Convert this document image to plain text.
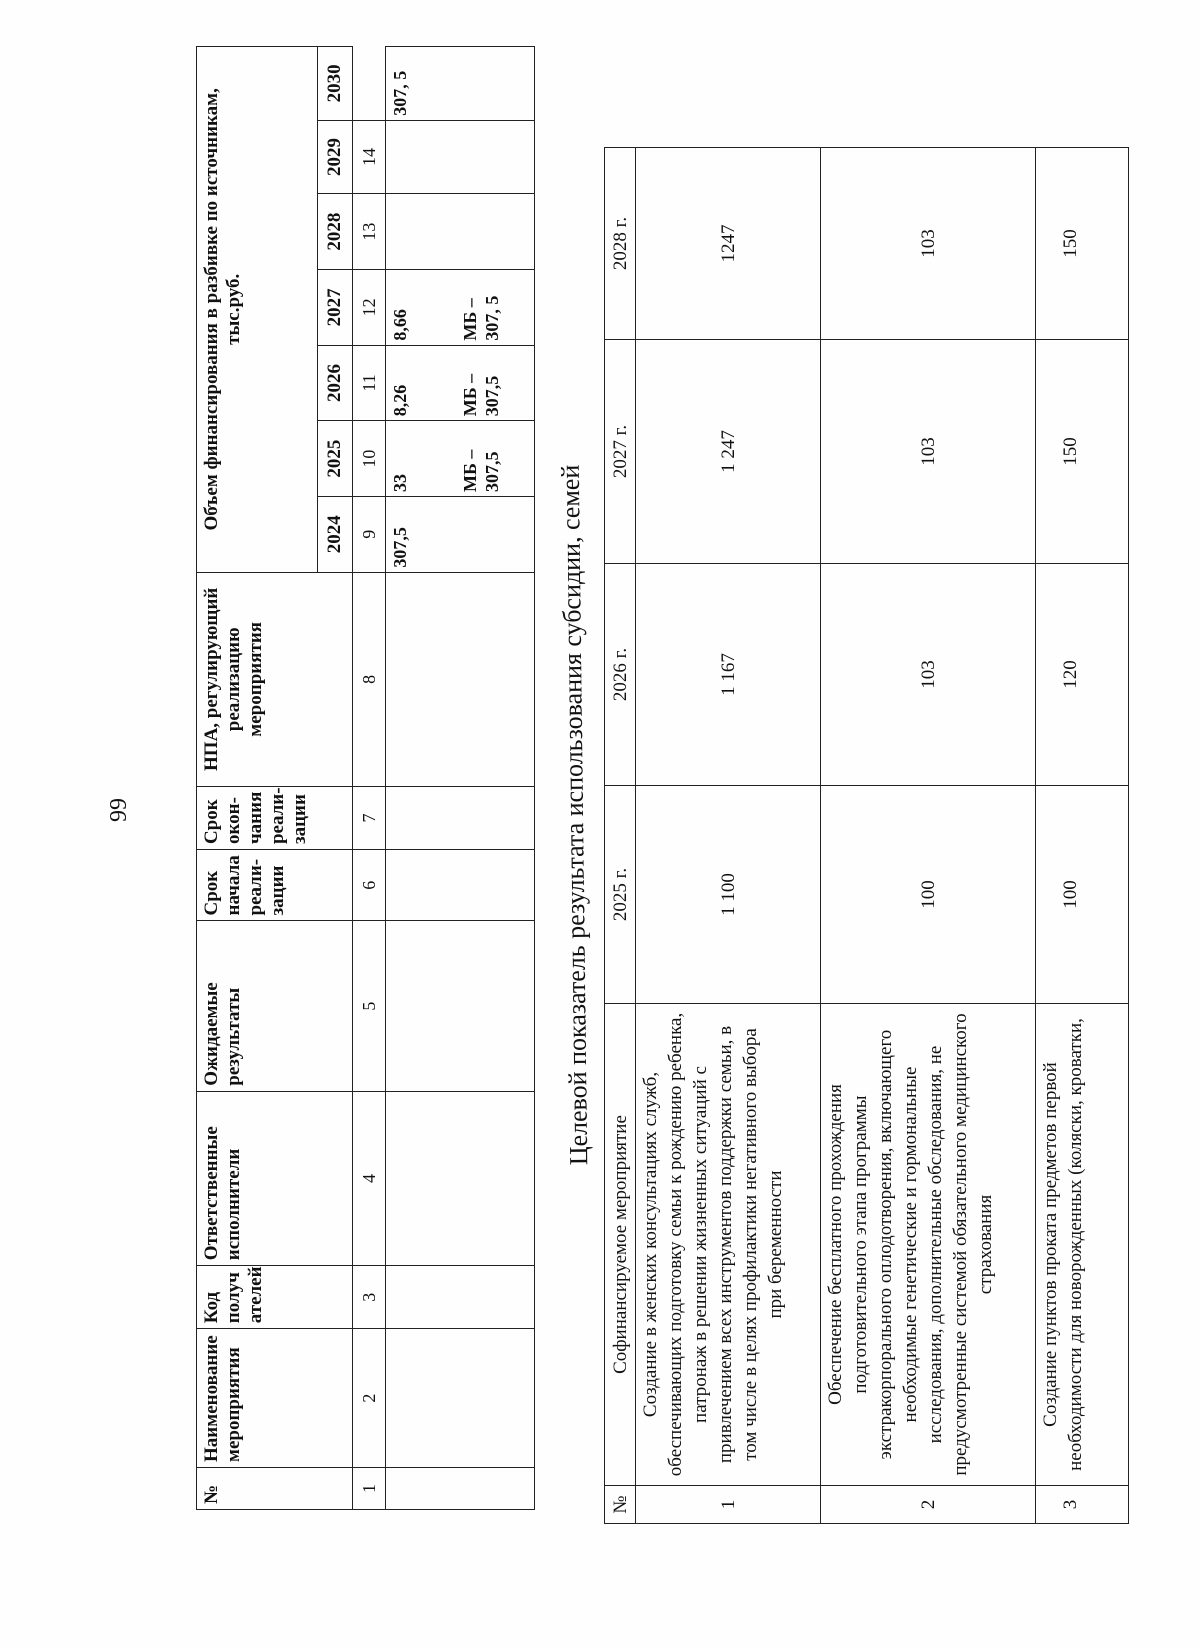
99
№	Наименование мероприятия	Код получ ателей	Ответственные исполнители	Ожидаемые результаты	Срок начала реали-зации	Срок окон-чания реали-зации	НПА, регулирующий реализацию мероприятия	Объем финансирования в разбивке по источникам, тыс.руб.						
								2024	2025	2026	2027	2028	2029	2030
1	2	3	4	5	6	7	8	9	10	11	12	13	14	
								307,5	33 МБ – 307,5	8,26 МБ – 307,5	8,66 МБ – 307, 5			307, 5
Целевой показатель результата использования субсидии, семей
№	Софинансируемое мероприятие	2025 г.	2026 г.	2027 г.	2028 г.
1	Создание в женских консультациях служб, обеспечивающих подготовку семьи к рождению ребенка, патронаж в решении жизненных ситуаций с привлечением всех инструментов поддержки семьи, в том числе в целях профилактики негативного выбора при беременности	1 100	1 167	1 247	1247
2	Обеспечение бесплатного прохождения подготовительного этапа программы экстракорпорального оплодотворения, включающего необходимые генетические и гормональные исследования, дополнительные обследования, не предусмотренные системой обязательного медицинского страхования	100	103	103	103
3	Создание пунктов проката предметов первой необходимости для новорожденных (коляски, кроватки,	100	120	150	150
